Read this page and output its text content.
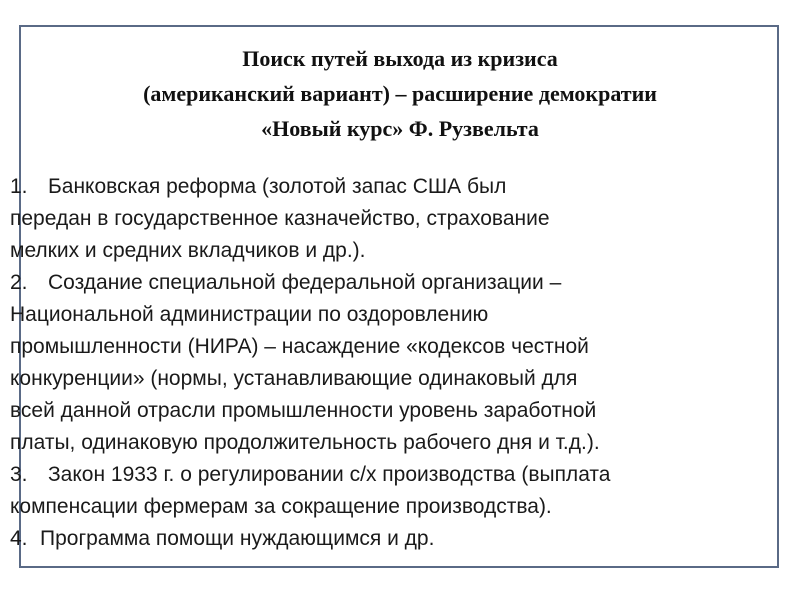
Поиск путей выхода из кризиса
(американский вариант) – расширение демократии
«Новый курс» Ф. Рузвельта
1. Банковская реформа (золотой запас США был
передан в государственное казначейство, страхование
мелких и средних вкладчиков и др.).
2. Создание специальной федеральной организации –
Национальной администрации по оздоровлению
промышленности (НИРА) – насаждение «кодексов честной
конкуренции» (нормы, устанавливающие одинаковый для
всей данной отрасли промышленности уровень заработной
платы, одинаковую продолжительность рабочего дня и т.д.).
3. Закон 1933 г. о регулировании с/х производства (выплата
компенсации фермерам за сокращение производства).
4. Программа помощи нуждающимся и др.
